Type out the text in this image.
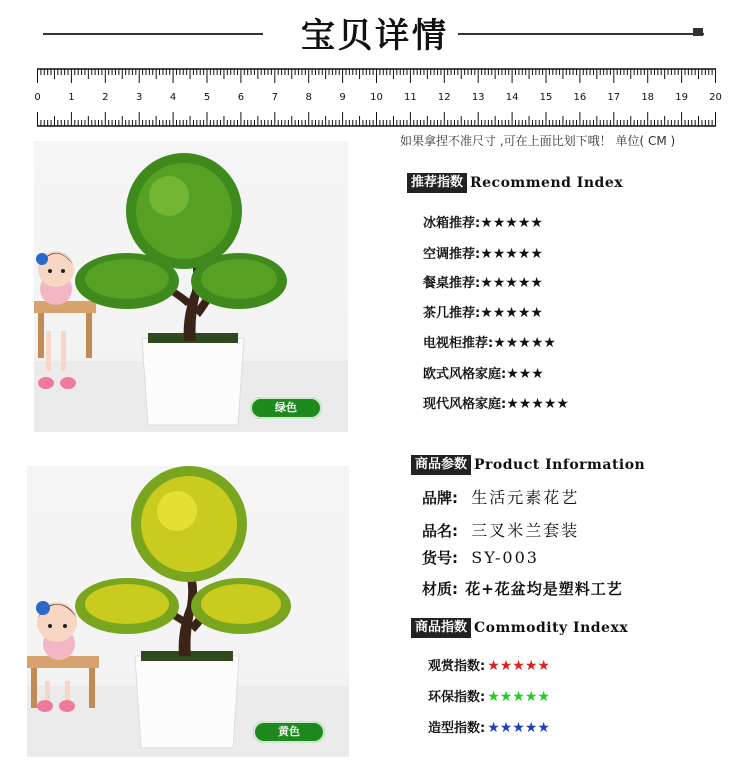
宝贝详情
0	1	2	3	4	5	6	7	8	9	10	11	12	13	14	15	16	17	18	19	20
如果拿捏不准尺寸 ,可在上面比划下哦！ 单位( CM )
绿色
黄色
推荐指数 Recommend Index
冰箱推荐:★★★★★
空调推荐:★★★★★
餐桌推荐:★★★★★
茶几推荐:★★★★★
电视柜推荐:★★★★★
欧式风格家庭:★★★
现代风格家庭:★★★★★
商品参数 Product Information
品牌: 生活元素花艺
品名: 三叉米兰套装
货号: SY-003
材质: 花+花盆均是塑料工艺
商品指数 Commodity Indexx
观赏指数: ★★★★★
环保指数: ★★★★★
造型指数: ★★★★★
